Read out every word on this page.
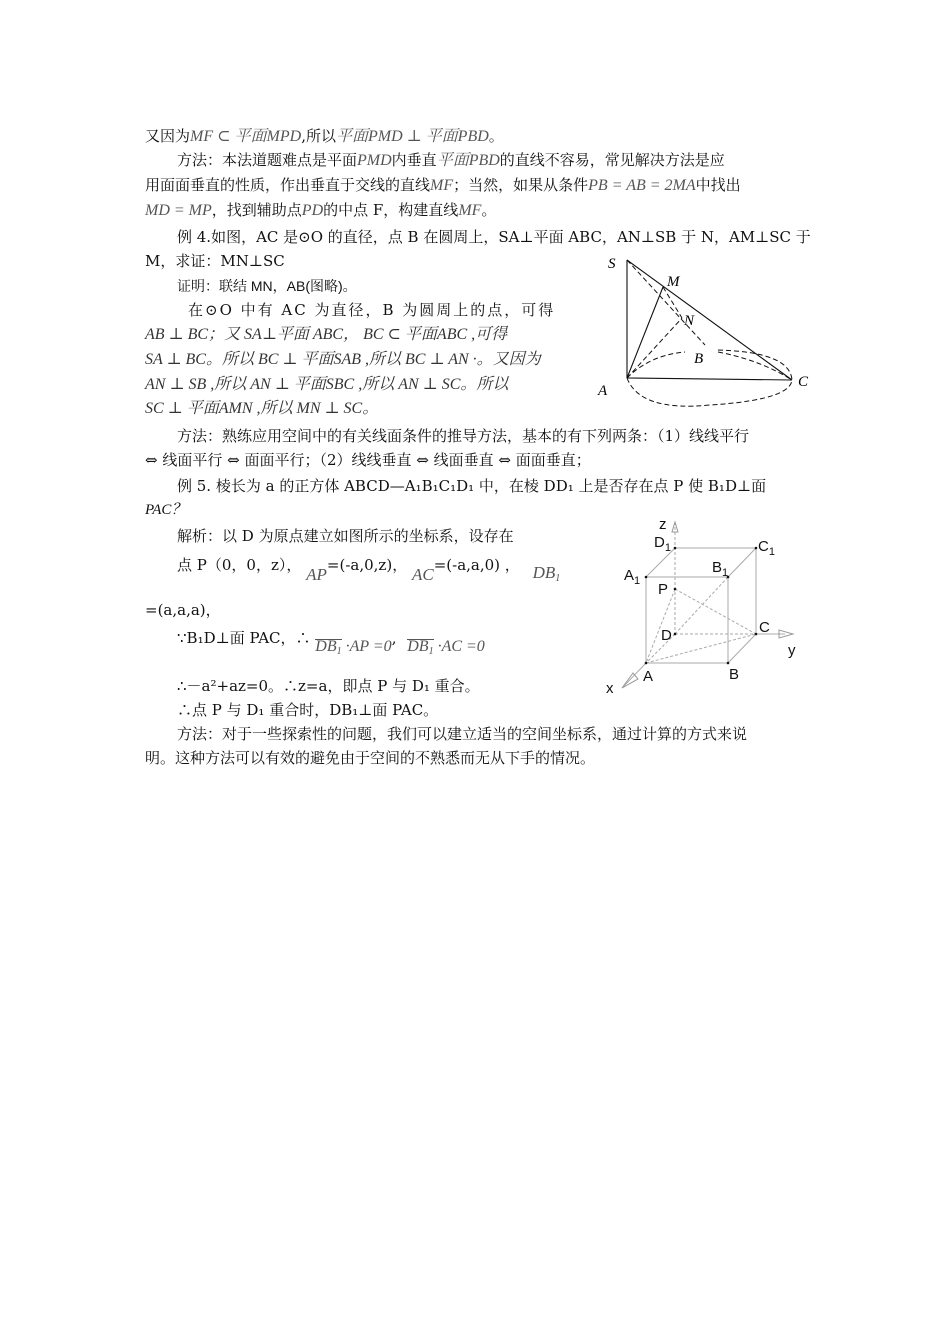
又因为MF ⊂ 平面MPD,所以平面PMD ⊥ 平面PBD。
方法：本法道题难点是平面PMD内垂直平面PBD的直线不容易，常见解决方法是应
用面面垂直的性质，作出垂直于交线的直线MF；当然，如果从条件PB = AB = 2MA中找出
MD = MP，找到辅助点PD的中点 F，构建直线MF。
例 4.如图，AC 是⊙O 的直径，点 B 在圆周上，SA⊥平面 ABC，AN⊥SB 于 N，AM⊥SC 于
M，求证：MN⊥SC
证明：联结 MN，AB(图略)。
在⊙O 中有 AC 为直径，B 为圆周上的点，可得
AB ⊥ BC；又 SA⊥平面 ABC， BC ⊂ 平面ABC ,可得
SA ⊥ BC。所以 BC ⊥ 平面SAB ,所以 BC ⊥ AN ·。又因为
AN ⊥ SB ,所以 AN ⊥ 平面SBC ,所以 AN ⊥ SC。所以
SC ⊥ 平面AMN ,所以 MN ⊥ SC。
S
M
N
B
A
C
方法：熟练应用空间中的有关线面条件的推导方法，基本的有下列两条：（1）线线平行
⇔ 线面平行 ⇔ 面面平行；（2）线线垂直 ⇔ 线面垂直 ⇔ 面面垂直；
例 5. 棱长为 a 的正方体 ABCD—A₁B₁C₁D₁ 中，在棱 DD₁ 上是否存在点 P 使 B₁D⊥面
PAC？
解析：以 D 为原点建立如图所示的坐标系，设存在
点 P（0，0，z）， AP=(-a,0,z)， AC=(-a,a,0) ， $DB_1$
=(a,a,a)，
∵B₁D⊥面 PAC，∴ $DB_1 \cdot AP =0$, $DB_1 \cdot AC =0$
∴－a²+az=0。∴z=a，即点 P 与 D₁ 重合。
∴点 P 与 D₁ 重合时，DB₁⊥面 PAC。
z
y
x
$D_1$	$C_1$
$A_1$
$B_1$
P
D	C
A	B
方法：对于一些探索性的问题，我们可以建立适当的空间坐标系，通过计算的方式来说
明。这种方法可以有效的避免由于空间的不熟悉而无从下手的情况。
